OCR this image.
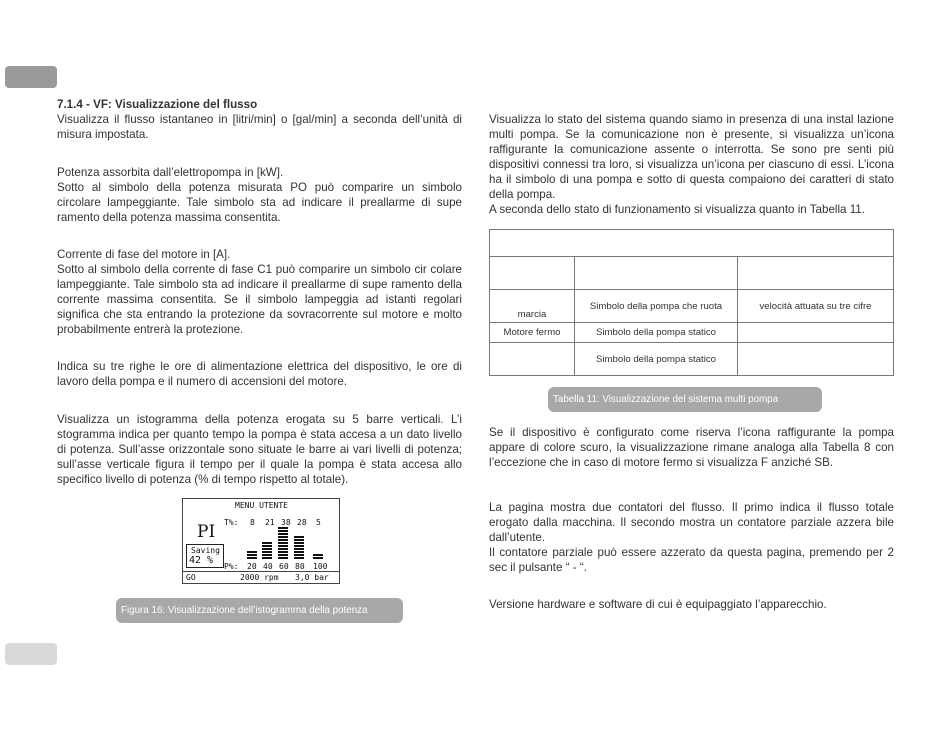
7.1.4 - VF: Visualizzazione del flusso
Visualizza il flusso istantaneo in [litri/min] o [gal/min] a seconda dell’unità di misura impostata.

Potenza assorbita dall’elettropompa in [kW].

Sotto al simbolo della potenza misurata PO può comparire un simbolo circolare lampeggiante. Tale simbolo sta ad indicare il preallarme di supe ramento della potenza massima consentita.

Corrente di fase del motore in [A].

Sotto al simbolo della corrente di fase C1 può comparire un simbolo cir colare lampeggiante. Tale simbolo sta ad indicare il preallarme di supe ramento della corrente massima consentita. Se il simbolo lampeggia ad istanti regolari significa che sta entrando la protezione da sovracorrente sul motore e molto probabilmente entrerà la protezione.

Indica su tre righe le ore di alimentazione elettrica del dispositivo, le ore di lavoro della pompa e il numero di accensioni del motore.
Visualizza un istogramma della potenza erogata su 5 barre verticali. L’i stogramma indica per quanto tempo la pompa è stata accesa a un dato livello di potenza. Sull’asse orizzontale sono situate le barre ai vari livelli di potenza; sull’asse verticale figura il tempo per il quale la pompa è stata accesa allo specifico livello di potenza (% di tempo rispetto al totale).
MENU UTENTE
PI T%: 8 21 38 28 5
Saving
42 %
P%: 20 40 60 80 100
GO	2000 rpm 3,0 bar
Figura 16: Visualizzazione dell’istogramma della potenza

Visualizza lo stato del sistema quando siamo in presenza di una instal lazione multi pompa. Se la comunicazione non è presente, si visualizza un’icona raffigurante la comunicazione assente o interrotta. Se sono pre senti più dispositivi connessi tra loro, si visualizza un’icona per ciascuno di essi. L’icona ha il simbolo di una pompa e sotto di questa compaiono dei caratteri di stato della pompa.

A seconda dello stato di funzionamento si visualizza quanto in Tabella 11.

marcia	Simbolo della pompa che ruota	velocità attuata su tre cifre
Motore fermo	Simbolo della pompa statico	
	Simbolo della pompa statico	
Tabella 11: Visualizzazione del sistema multi pompa
Se il dispositivo è configurato come riserva l’icona raffigurante la pompa appare di colore scuro, la visualizzazione rimane analoga alla Tabella 8 con l’eccezione che in caso di motore fermo si visualizza F anziché SB.

La pagina mostra due contatori del flusso. Il primo indica il flusso totale erogato dalla macchina. Il secondo mostra un contatore parziale azzera bile dall’utente.

Il contatore parziale può essere azzerato da questa pagina, premendo per 2 sec il pulsante “ - “.

Versione hardware e software di cui è equipaggiato l’apparecchio.
